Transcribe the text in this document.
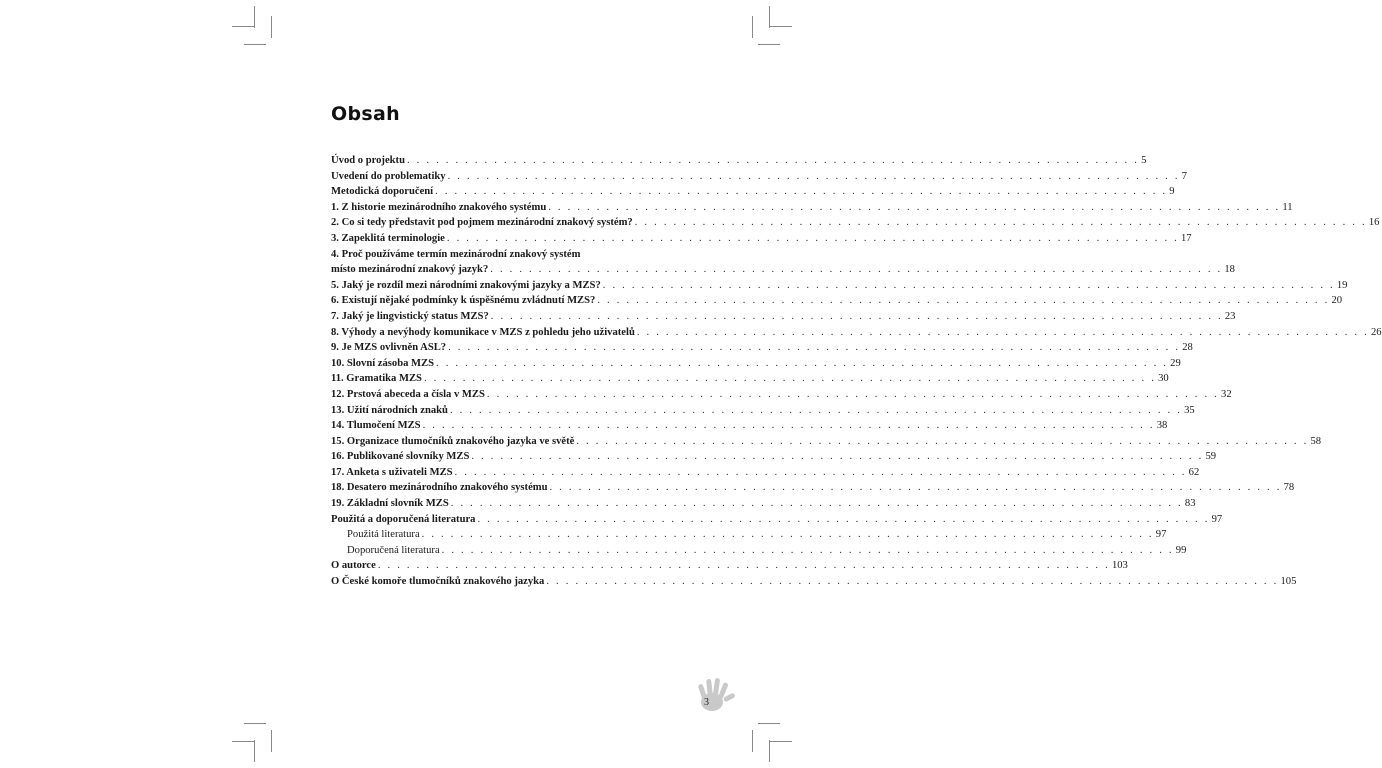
Obsah
Úvod o projektu . . . . . . . . . . . . . . . . . . . . . . . . . . . . . . . . . . . . . . . . . . . . . . . . . . . . . . . . . . . . . . . . . . . . . . . . . . . . 5
Uvedení do problematiky . . . . . . . . . . . . . . . . . . . . . . . . . . . . . . . . . . . . . . . . . . . . . . . . . . . . . . . . . . . . . . . . . . . . . . . . . . . . 7
Metodická doporučení . . . . . . . . . . . . . . . . . . . . . . . . . . . . . . . . . . . . . . . . . . . . . . . . . . . . . . . . . . . . . . . . . . . . . . . . . . . . 9
1. Z historie mezinárodního znakového systému . . . . . . . . . . . . . . . . . . . . . . . . . . . . . . . . . . . . . . . . . . . . . . . . . . . . . . . . . . . . . . . . . . . . . . . . . . . . 11
2. Co si tedy představit pod pojmem mezinárodní znakový systém? . . . . . . . . . . . . . . . . . . . . . . . . . . . . . . . . . . . . . . . . . . . . . . . . . . . . . . . . . . . . . . . . . . . . . . . . . . . . 16
3. Zapeklitá terminologie . . . . . . . . . . . . . . . . . . . . . . . . . . . . . . . . . . . . . . . . . . . . . . . . . . . . . . . . . . . . . . . . . . . . . . . . . . . . 17
4. Proč používáme termín mezinárodní znakový systém
místo mezinárodní znakový jazyk? . . . . . . . . . . . . . . . . . . . . . . . . . . . . . . . . . . . . . . . . . . . . . . . . . . . . . . . . . . . . . . . . . . . . . . . . . . . . 18
5. Jaký je rozdíl mezi národními znakovými jazyky a MZS? . . . . . . . . . . . . . . . . . . . . . . . . . . . . . . . . . . . . . . . . . . . . . . . . . . . . . . . . . . . . . . . . . . . . . . . . . . . . 19
6. Existují nějaké podmínky k úspěšnému zvládnutí MZS? . . . . . . . . . . . . . . . . . . . . . . . . . . . . . . . . . . . . . . . . . . . . . . . . . . . . . . . . . . . . . . . . . . . . . . . . . . . . 20
7. Jaký je lingvistický status MZS? . . . . . . . . . . . . . . . . . . . . . . . . . . . . . . . . . . . . . . . . . . . . . . . . . . . . . . . . . . . . . . . . . . . . . . . . . . . . 23
8. Výhody a nevýhody komunikace v MZS z pohledu jeho uživatelů . . . . . . . . . . . . . . . . . . . . . . . . . . . . . . . . . . . . . . . . . . . . . . . . . . . . . . . . . . . . . . . . . . . . . . . . . . . . 26
9. Je MZS ovlivněn ASL? . . . . . . . . . . . . . . . . . . . . . . . . . . . . . . . . . . . . . . . . . . . . . . . . . . . . . . . . . . . . . . . . . . . . . . . . . . . . 28
10. Slovní zásoba MZS . . . . . . . . . . . . . . . . . . . . . . . . . . . . . . . . . . . . . . . . . . . . . . . . . . . . . . . . . . . . . . . . . . . . . . . . . . . . 29
11. Gramatika MZS . . . . . . . . . . . . . . . . . . . . . . . . . . . . . . . . . . . . . . . . . . . . . . . . . . . . . . . . . . . . . . . . . . . . . . . . . . . . 30
12. Prstová abeceda a čísla v MZS . . . . . . . . . . . . . . . . . . . . . . . . . . . . . . . . . . . . . . . . . . . . . . . . . . . . . . . . . . . . . . . . . . . . . . . . . . . . 32
13. Užití národních znaků . . . . . . . . . . . . . . . . . . . . . . . . . . . . . . . . . . . . . . . . . . . . . . . . . . . . . . . . . . . . . . . . . . . . . . . . . . . . 35
14. Tlumočení MZS . . . . . . . . . . . . . . . . . . . . . . . . . . . . . . . . . . . . . . . . . . . . . . . . . . . . . . . . . . . . . . . . . . . . . . . . . . . . 38
15. Organizace tlumočníků znakového jazyka ve světě . . . . . . . . . . . . . . . . . . . . . . . . . . . . . . . . . . . . . . . . . . . . . . . . . . . . . . . . . . . . . . . . . . . . . . . . . . . . 58
16. Publikované slovníky MZS . . . . . . . . . . . . . . . . . . . . . . . . . . . . . . . . . . . . . . . . . . . . . . . . . . . . . . . . . . . . . . . . . . . . . . . . . . . . 59
17. Anketa s uživateli MZS . . . . . . . . . . . . . . . . . . . . . . . . . . . . . . . . . . . . . . . . . . . . . . . . . . . . . . . . . . . . . . . . . . . . . . . . . . . . 62
18. Desatero mezinárodního znakového systému . . . . . . . . . . . . . . . . . . . . . . . . . . . . . . . . . . . . . . . . . . . . . . . . . . . . . . . . . . . . . . . . . . . . . . . . . . . . 78
19. Základní slovník MZS . . . . . . . . . . . . . . . . . . . . . . . . . . . . . . . . . . . . . . . . . . . . . . . . . . . . . . . . . . . . . . . . . . . . . . . . . . . . 83
Použitá a doporučená literatura . . . . . . . . . . . . . . . . . . . . . . . . . . . . . . . . . . . . . . . . . . . . . . . . . . . . . . . . . . . . . . . . . . . . . . . . . . . . 97
Použitá literatura . . . . . . . . . . . . . . . . . . . . . . . . . . . . . . . . . . . . . . . . . . . . . . . . . . . . . . . . . . . . . . . . . . . . . . . . . . . . 97
Doporučená literatura . . . . . . . . . . . . . . . . . . . . . . . . . . . . . . . . . . . . . . . . . . . . . . . . . . . . . . . . . . . . . . . . . . . . . . . . . . . . 99
O autorce . . . . . . . . . . . . . . . . . . . . . . . . . . . . . . . . . . . . . . . . . . . . . . . . . . . . . . . . . . . . . . . . . . . . . . . . . . . . 103
O České komoře tlumočníků znakového jazyka . . . . . . . . . . . . . . . . . . . . . . . . . . . . . . . . . . . . . . . . . . . . . . . . . . . . . . . . . . . . . . . . . . . . . . . . . . . . 105
3
